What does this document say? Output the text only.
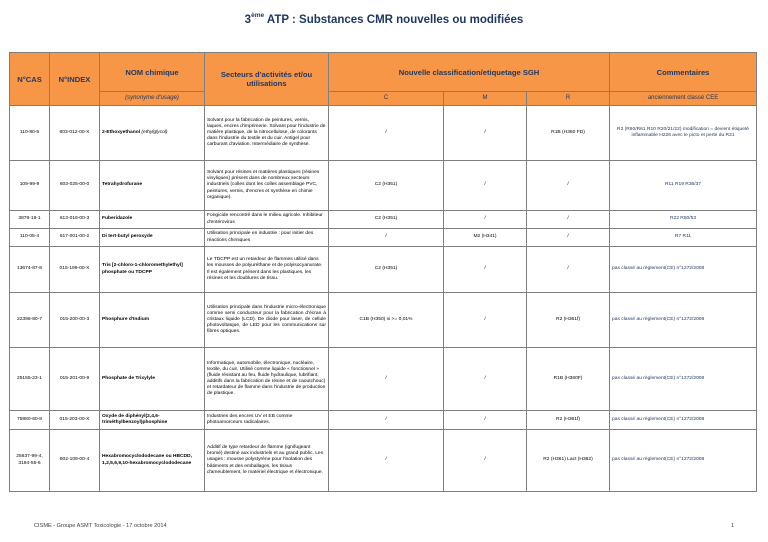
3ème ATP : Substances CMR nouvelles ou modifiées
N°CAS	N°INDEX	NOM chimique	Secteurs d'activités et/ou utilisations	Nouvelle classification/etiquetage SGH			Commentaires
		(synonyme d'usage)		C	M	R	anciennement classé CEE
110-80-5	603-012-00-X	2-Ethoxyethanol (ethylglycol)	Solvant pour la fabrication de peintures, vernis, laques, encres d'imprimerie. Solvant pour l'industrie de matière plastique, de la nitrocellulose, de colorants dans l'industrie du textile et du cuir. Antigel pour carburant d'aviation. Intermédiaire de synthèse.	/	/	R1B (H360 FD)	R2 (R60/R61 R10 R20/21/22) modification = devient étiqueté inflammable H226 avec le picto et perte du R21
109-99-9	603-025-00-0	Tetrahydrofurane	Solvant pour résines et matières plastiques (résines vinyliques) présent dans de nombreux secteurs industriels (colles dont les colles assemblage PVC, peintures, vernis, d'encres et synthèse en chimie organique).	C2 (H351)	/	/	R11 R19 R36/37
3878-19-1	613-016-00-3	Fuberidazole	Fongicide rencontré dans le milieu agricole. Inhibiteur d'entérovirus	C2 (H351)	/	/	R22 R50/53
110-05-4	617-001-00-2	Di tert-butyl peroxyde	Utilisation principale en industrie : pour initier des réactions chimiques	/	M2 (H341)	/	R7 R11
13674-87-8	015-199-00-X	Tris [2-chloro-1-chloromethylethyl] phosphate ou TDCPP	Le TDCPP est un retardeur de flammes utilisé dans les mousses de polyuréthane et de polyisocyanurate. Il est également présent dans les plastiques, les résines et les doublures de tissu.	C2 (H351)	/	/	pas classé au règlement(CE) n°1272/2008
22398-80-7	015-200-00-3	Phosphure d'Indium	Utilisation principale dans l'industrie micro-électronique comme semi conducteur pour la fabrication d'écran à cristaux liquide (LCD). De diode pour laser, de cellule photovoltaïque, de LED pour les communications sur fibres optiques.	C1B (H350) si >= 0,01%	/	R2 (H361f)	pas classé au règlement(CE) n°1272/2008
25155-23-1	015-201-00-9	Phosphate de Trixylyle	Informatique, automobile, électronique, nucléaire, textile, du cuir. Utilisé comme liquide « fonctionnel » (fluide résistant au feu, fluide hydraulique, lubrifiant, additifs dans la fabrication de résine et de caoutchouc) et retardateur de flamme dans l'industrie de production de plastique.	/	/	R1B (H360F)	pas classé au règlement(CE) n°1272/2008
75980-60-8	015-203-00-X	Oxyde de diphényl(2,4,6-triméthylbenzoyl)phosphine	Industries des encres UV et EB comme photoamorceurs radicalaires.	/	/	R2 (H361f)	pas classé au règlement(CE) n°1272/2008
25637-99-4, 3194-55-6	602-109-00-4	Hexabromocyclododecane ou HBCDD, 1,2,5,6,9,10-hexabromocyclododecane	Additif de type retardeur de flamme (ignifugeant bromé) destiné aux industriels et au grand public. Les usages : mousse polystyrène pour l'isolation des bâtiments et des emballages, les tissus d'ameublement, le matériel électrique et électronique.	/	/	R2 (H361) Lact (H362)	pas classé au règlement(CE) n°1272/2008
CISME - Groupe ASMT Toxicologie - 17 octobre 2014	1
